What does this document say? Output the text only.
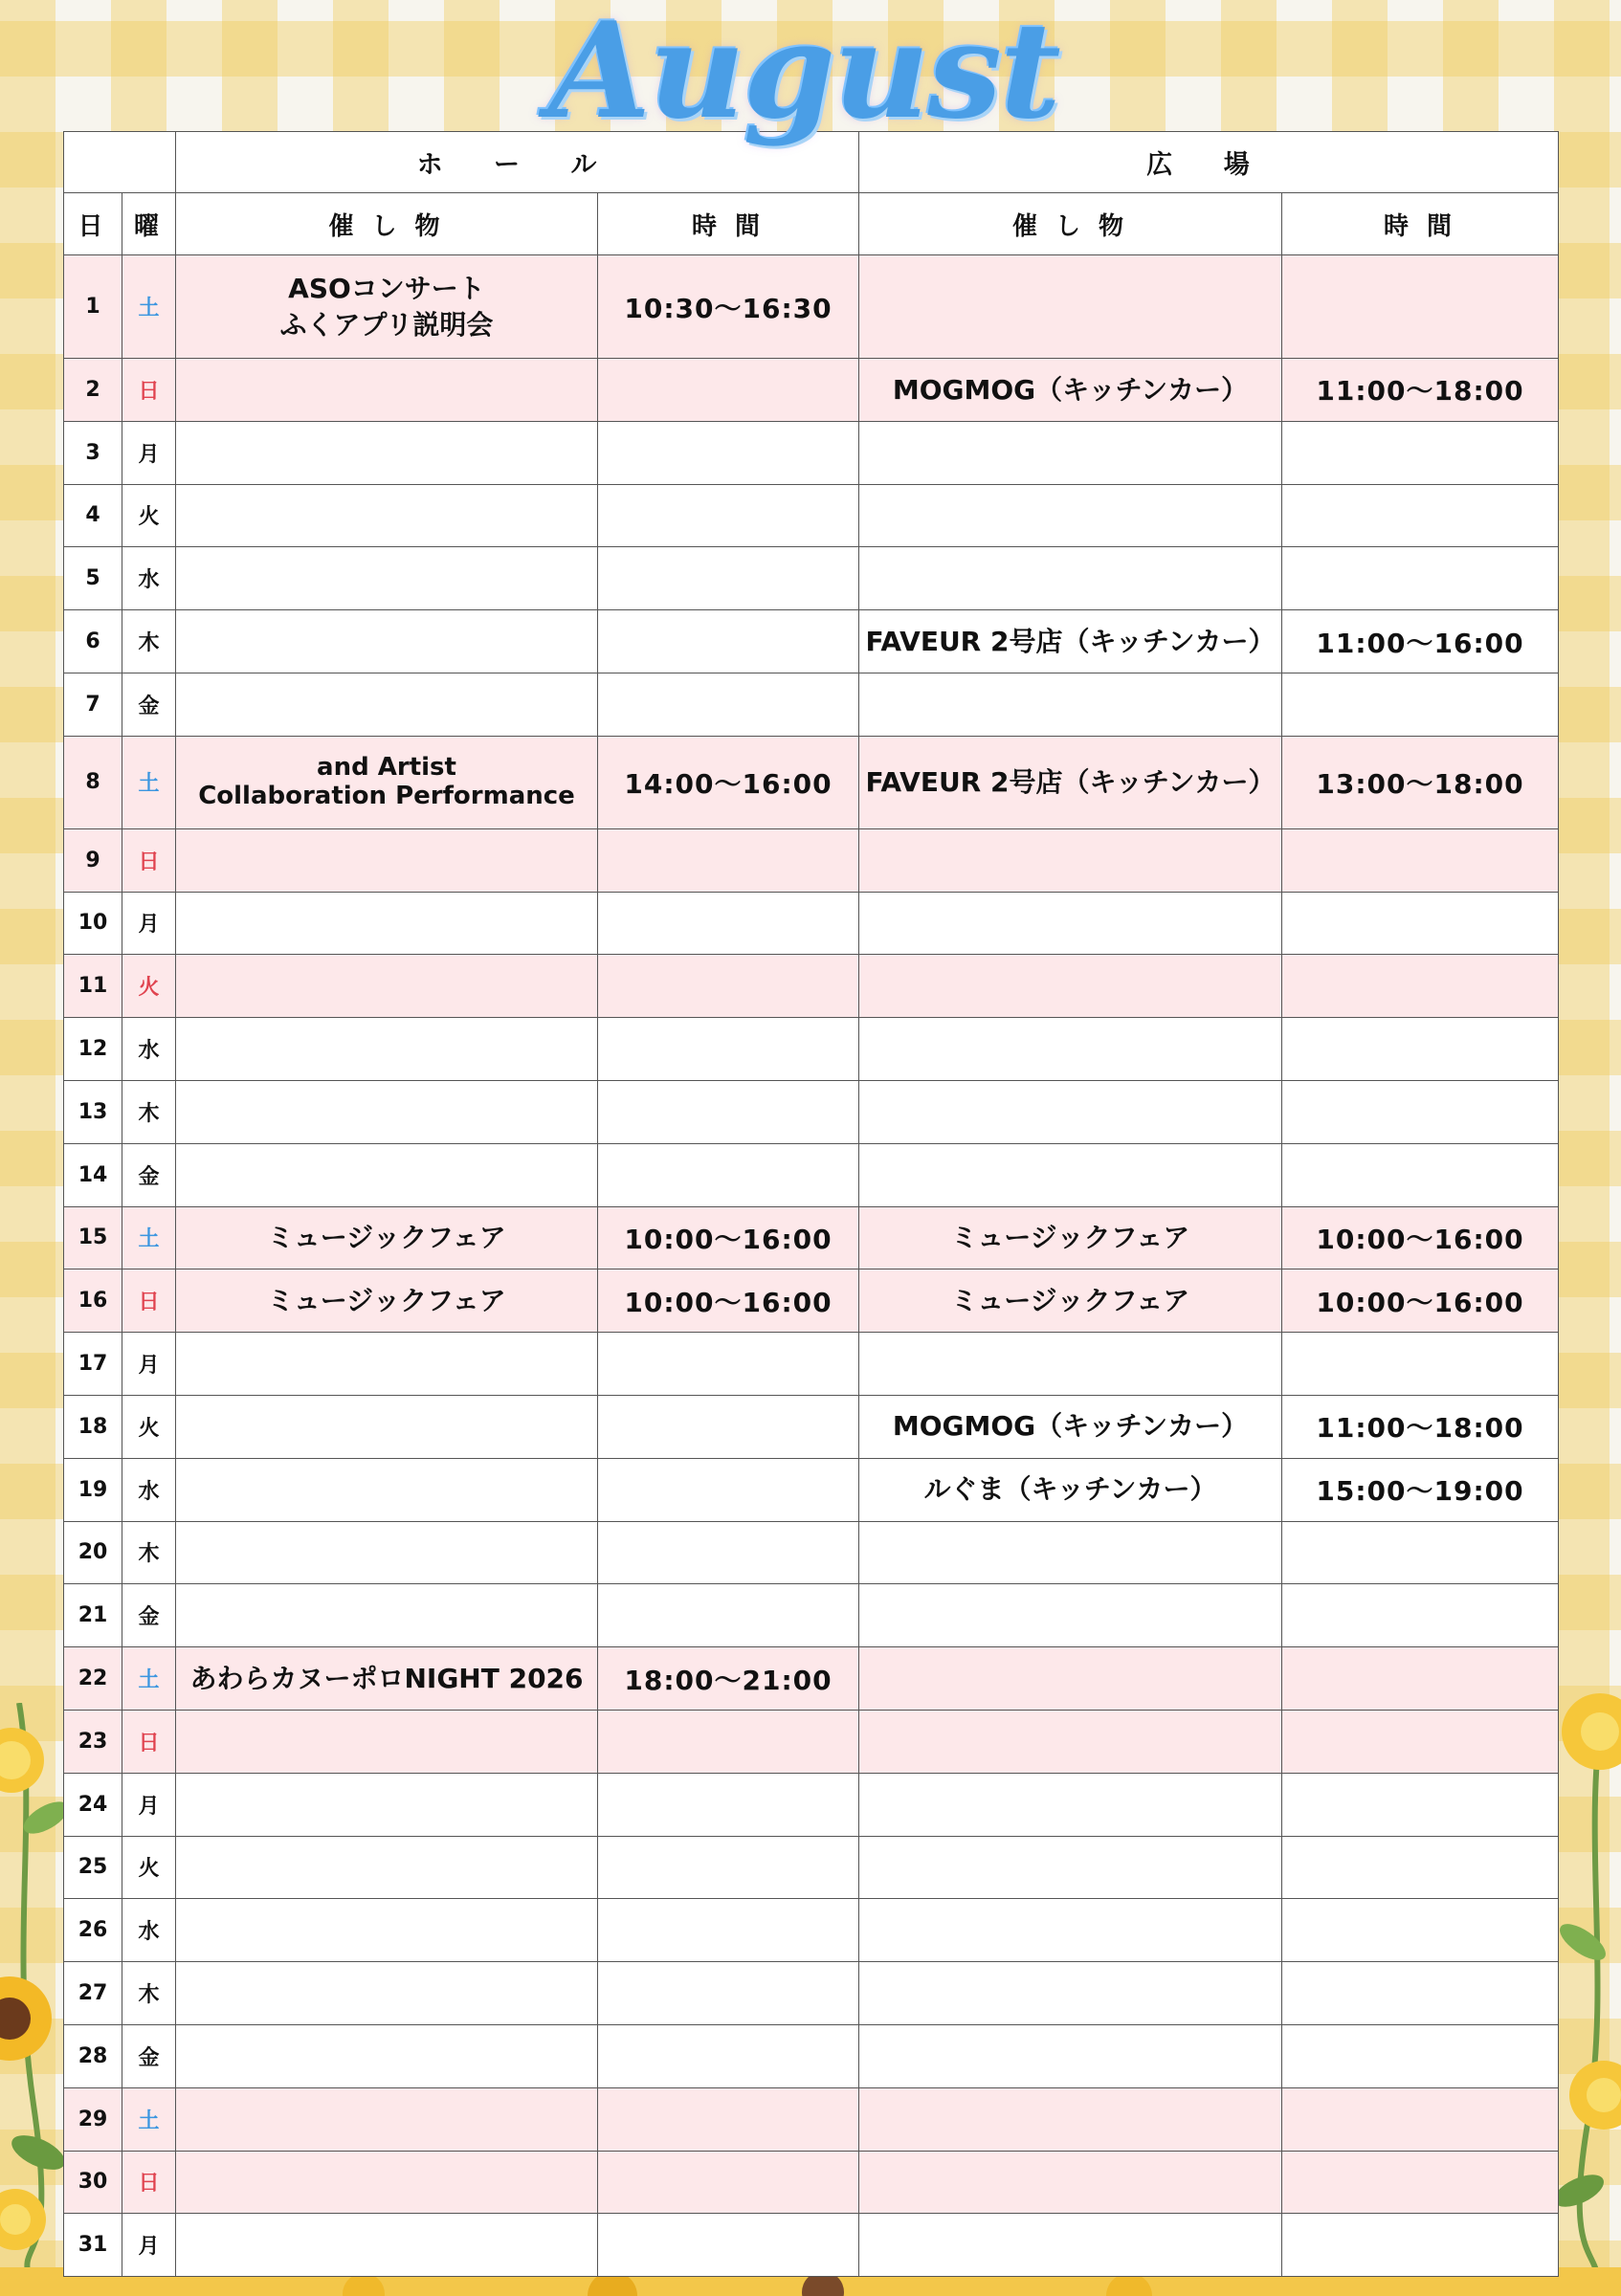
August
		ホ ー ル		広 場	
日	曜	催 し 物	時 間	催 し 物	時 間
1	土	ASOコンサート
ふくアプリ説明会	10:30〜16:30		
2	日			MOGMOG（キッチンカー）	11:00〜18:00
3	月				
4	火				
5	水				
6	木			FAVEUR 2号店（キッチンカー）	11:00〜16:00
7	金				
8	土	and Artist
Collaboration Performance	14:00〜16:00	FAVEUR 2号店（キッチンカー）	13:00〜18:00
9	日				
10	月				
11	火				
12	水				
13	木				
14	金				
15	土	ミュージックフェア	10:00〜16:00	ミュージックフェア	10:00〜16:00
16	日	ミュージックフェア	10:00〜16:00	ミュージックフェア	10:00〜16:00
17	月				
18	火			MOGMOG（キッチンカー）	11:00〜18:00
19	水			ルぐま（キッチンカー）	15:00〜19:00
20	木				
21	金				
22	土	あわらカヌーポロNIGHT 2026	18:00〜21:00		
23	日				
24	月				
25	火				
26	水				
27	木				
28	金				
29	土				
30	日				
31	月				
